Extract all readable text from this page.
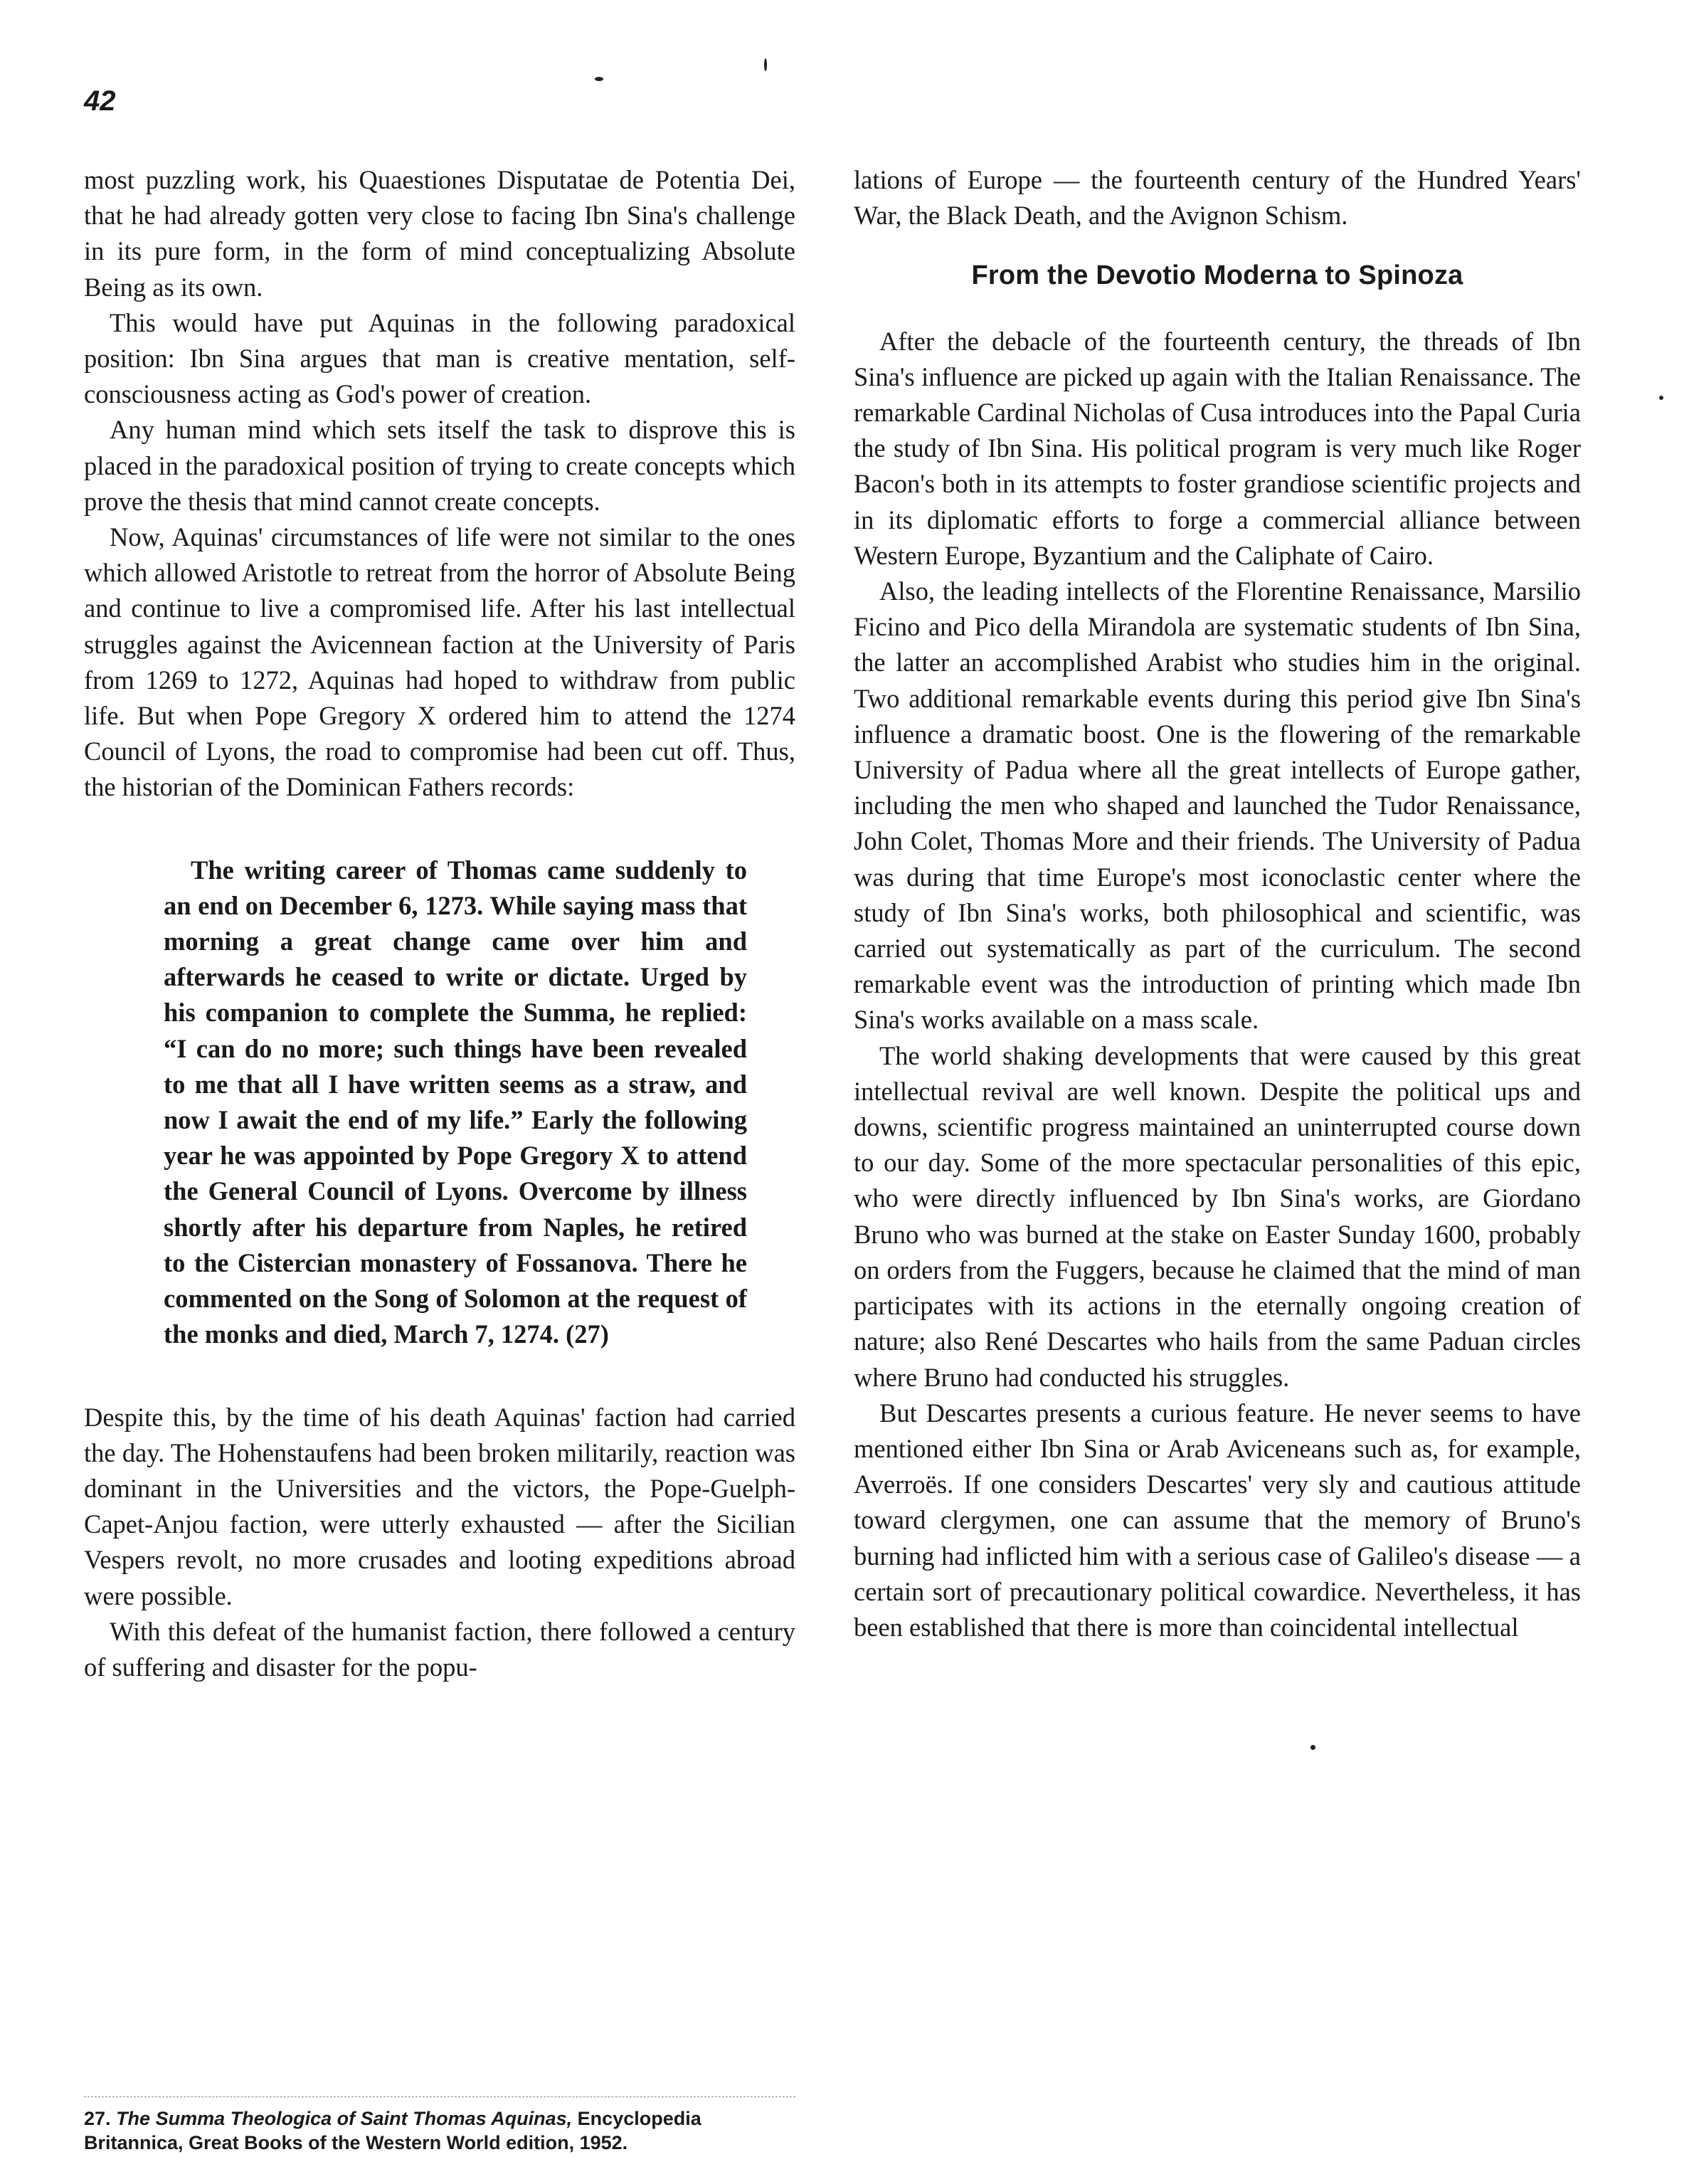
42

most puzzling work, his Quaestiones Disputatae de Potentia Dei, that he had already gotten very close to facing Ibn Sina's challenge in its pure form, in the form of mind conceptualizing Absolute Being as its own.

This would have put Aquinas in the following paradoxical position: Ibn Sina argues that man is creative mentation, self-consciousness acting as God's power of creation.

Any human mind which sets itself the task to disprove this is placed in the paradoxical position of trying to create concepts which prove the thesis that mind cannot create concepts.

Now, Aquinas' circumstances of life were not similar to the ones which allowed Aristotle to retreat from the horror of Absolute Being and continue to live a compromised life. After his last intellectual struggles against the Avicennean faction at the University of Paris from 1269 to 1272, Aquinas had hoped to withdraw from public life. But when Pope Gregory X ordered him to attend the 1274 Council of Lyons, the road to compromise had been cut off. Thus, the historian of the Dominican Fathers records:

The writing career of Thomas came suddenly to an end on December 6, 1273. While saying mass that morning a great change came over him and afterwards he ceased to write or dictate. Urged by his companion to complete the Summa, he replied: “I can do no more; such things have been revealed to me that all I have written seems as a straw, and now I await the end of my life.” Early the following year he was appointed by Pope Gregory X to attend the General Council of Lyons. Overcome by illness shortly after his departure from Naples, he retired to the Cistercian monastery of Fossanova. There he commented on the Song of Solomon at the request of the monks and died, March 7, 1274. (27)

Despite this, by the time of his death Aquinas' faction had carried the day. The Hohenstaufens had been broken militarily, reaction was dominant in the Universities and the victors, the Pope-Guelph-Capet-Anjou faction, were utterly exhausted — after the Sicilian Vespers revolt, no more crusades and looting expeditions abroad were possible.

With this defeat of the humanist faction, there followed a century of suffering and disaster for the popu-

lations of Europe — the fourteenth century of the Hundred Years' War, the Black Death, and the Avignon Schism.

From the Devotio Moderna to Spinoza

After the debacle of the fourteenth century, the threads of Ibn Sina's influence are picked up again with the Italian Renaissance. The remarkable Cardinal Nicholas of Cusa introduces into the Papal Curia the study of Ibn Sina. His political program is very much like Roger Bacon's both in its attempts to foster grandiose scientific projects and in its diplomatic efforts to forge a commercial alliance between Western Europe, Byzantium and the Caliphate of Cairo.

Also, the leading intellects of the Florentine Renaissance, Marsilio Ficino and Pico della Mirandola are systematic students of Ibn Sina, the latter an accomplished Arabist who studies him in the original. Two additional remarkable events during this period give Ibn Sina's influence a dramatic boost. One is the flowering of the remarkable University of Padua where all the great intellects of Europe gather, including the men who shaped and launched the Tudor Renaissance, John Colet, Thomas More and their friends. The University of Padua was during that time Europe's most iconoclastic center where the study of Ibn Sina's works, both philosophical and scientific, was carried out systematically as part of the curriculum. The second remarkable event was the introduction of printing which made Ibn Sina's works available on a mass scale.

The world shaking developments that were caused by this great intellectual revival are well known. Despite the political ups and downs, scientific progress maintained an uninterrupted course down to our day. Some of the more spectacular personalities of this epic, who were directly influenced by Ibn Sina's works, are Giordano Bruno who was burned at the stake on Easter Sunday 1600, probably on orders from the Fuggers, because he claimed that the mind of man participates with its actions in the eternally ongoing creation of nature; also René Descartes who hails from the same Paduan circles where Bruno had conducted his struggles.

But Descartes presents a curious feature. He never seems to have mentioned either Ibn Sina or Arab Aviceneans such as, for example, Averroës. If one considers Descartes' very sly and cautious attitude toward clergymen, one can assume that the memory of Bruno's burning had inflicted him with a serious case of Galileo's disease — a certain sort of precautionary political cowardice. Nevertheless, it has been established that there is more than coincidental intellectual

27. The Summa Theologica of Saint Thomas Aquinas, Encyclopedia Britannica, Great Books of the Western World edition, 1952.
